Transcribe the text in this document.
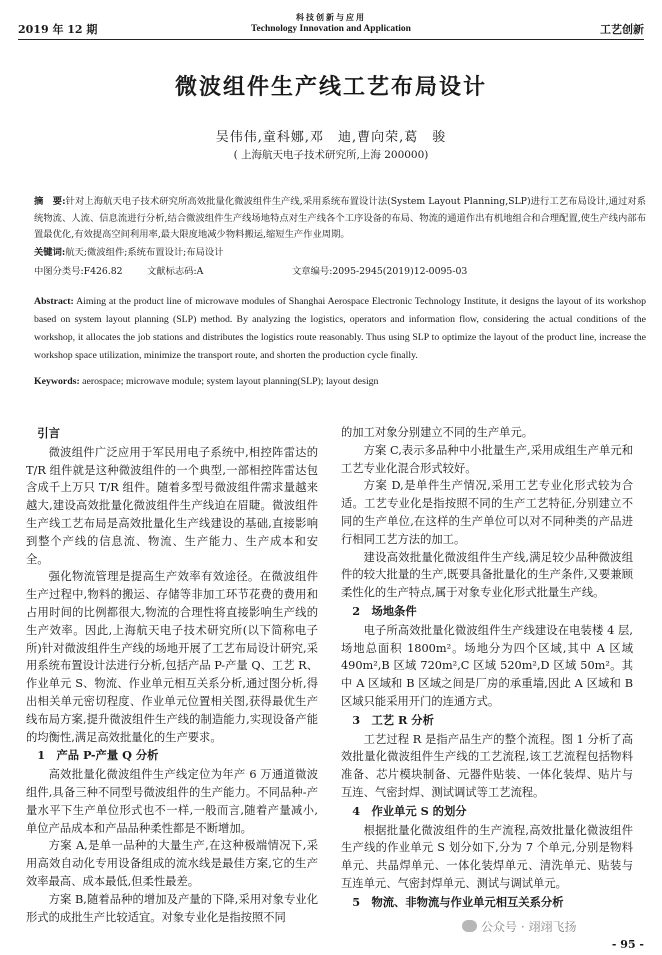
2019 年 12 期
科技创新与应用
Technology Innovation and Application	工艺创新
微波组件生产线工艺布局设计
吴伟伟,童科娜,邓　迪,曹向荣,葛　骏
( 上海航天电子技术研究所,上海 200000)
摘　要:针对上海航天电子技术研究所高效批量化微波组件生产线,采用系统布置设计法(System Layout Planning,SLP)进行工艺布局设计,通过对系统物流、人流、信息流进行分析,结合微波组件生产线场地特点对生产线各个工序设备的布局、物流的通道作出有机地组合和合理配置,使生产线内部布置最优化,有效提高空间利用率,最大限度地减少物料搬运,缩短生产作业周期。
关键词:航天;微波组件;系统布置设计;布局设计
中图分类号:F426.82	文献标志码:A	文章编号:2095-2945(2019)12-0095-03
Abstract: Aiming at the product line of microwave modules of Shanghai Aerospace Electronic Technology Institute, it designs the layout of its workshop based on system layout planning (SLP) method. By analyzing the logistics, operators and information flow, considering the actual conditions of the workshop, it allocates the job stations and distributes the logistics route reasonably. Thus using SLP to optimize the layout of the product line, increase the workshop space utilization, minimize the transport route, and shorten the production cycle finally.
Keywords: aerospace; microwave module; system layout planning(SLP); layout design
引言

微波组件广泛应用于军民用电子系统中,相控阵雷达的 T/R 组件就是这种微波组件的一个典型,一部相控阵雷达包含成千上万只 T/R 组件。随着多型号微波组件需求量越来越大,建设高效批量化微波组件生产线迫在眉睫。微波组件生产线工艺布局是高效批量化生产线建设的基础,直接影响到整个产线的信息流、物流、生产能力、生产成本和安全。

强化物流管理是提高生产效率有效途径。在微波组件生产过程中,物料的搬运、存储等非加工环节花费的费用和占用时间的比例都很大,物流的合理性将直接影响生产线的生产效率。因此,上海航天电子技术研究所(以下简称电子所)针对微波组件生产线的场地开展了工艺布局设计研究,采用系统布置设计法进行分析,包括产品 P-产量 Q、工艺 R、作业单元 S、物流、作业单元相互关系分析,通过图分析,得出相关单元密切程度、作业单元位置相关图,获得最优生产线布局方案,提升微波组件生产线的制造能力,实现设备产能的均衡性,满足高效批量化的生产要求。

1　产品 P-产量 Q 分析

高效批量化微波组件生产线定位为年产 6 万通道微波组件,具备三种不同型号微波组件的生产能力。不同品种-产量水平下生产单位形式也不一样,一般而言,随着产量减小,单位产品成本和产品品种柔性都是不断增加。

方案 A,是单一品种的大量生产,在这种极端情况下,采用高效自动化专用设备组成的流水线是最佳方案,它的生产效率最高、成本最低,但柔性最差。

方案 B,随着品种的增加及产量的下降,采用对象专业化形式的成批生产比较适宜。对象专业化是指按照不同

的加工对象分别建立不同的生产单元。

方案 C,表示多品种中小批量生产,采用成组生产单元和工艺专业化混合形式较好。

方案 D,是单件生产情况,采用工艺专业化形式较为合适。工艺专业化是指按照不同的生产工艺特征,分别建立不同的生产单位,在这样的生产单位可以对不同种类的产品进行相同工艺方法的加工。

建设高效批量化微波组件生产线,满足较少品种微波组件的较大批量的生产,既要具备批量化的生产条件,又要兼顾柔性化的生产特点,属于对象专业化形式批量生产线。

2　场地条件

电子所高效批量化微波组件生产线建设在电装楼 4 层,场地总面积 1800m²。场地分为四个区域,其中 A 区域 490m²,B 区域 720m²,C 区域 520m²,D 区域 50m²。其中 A 区域和 B 区域之间是厂房的承重墙,因此 A 区域和 B 区域只能采用开门的连通方式。

3　工艺 R 分析

工艺过程 R 是指产品生产的整个流程。图 1 分析了高效批量化微波组件生产线的工艺流程,该工艺流程包括物料准备、芯片模块制备、元器件贴装、一体化装焊、贴片与互连、气密封焊、测试调试等工艺流程。

4　作业单元 S 的划分

根据批量化微波组件的生产流程,高效批量化微波组件生产线的作业单元 S 划分如下,分为 7 个单元,分别是物料单元、共晶焊单元、一体化装焊单元、清洗单元、贴装与互连单元、气密封焊单元、测试与调试单元。

5　物流、非物流与作业单元相互关系分析
公众号 · 翊翊飞扬
- 95 -
